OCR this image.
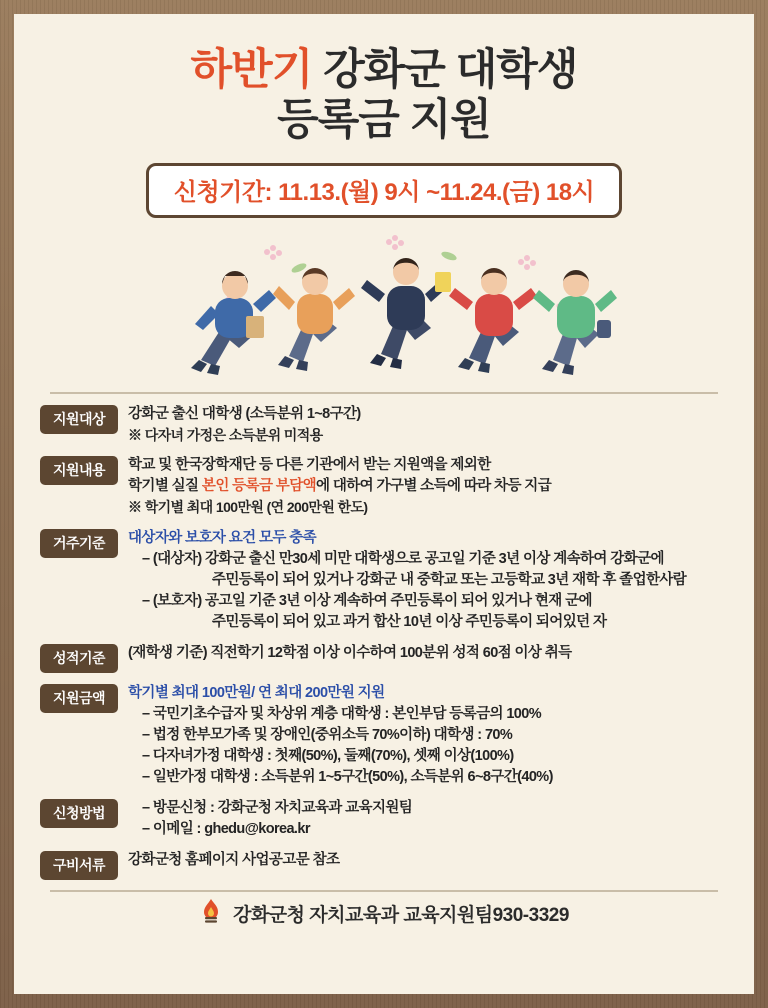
하반기 강화군 대학생
등록금 지원
신청기간: 11.13.(월) 9시 ~11.24.(금) 18시
지원대상	강화군 출신 대학생 (소득분위 1~8구간)
※ 다자녀 가정은 소득분위 미적용
지원내용	학교 및 한국장학재단 등 다른 기관에서 받는 지원액을 제외한
학기별 실질 본인 등록금 부담액에 대하여 가구별 소득에 따라 차등 지급
※ 학기별 최대 100만원 (연 200만원 한도)
거주기준	대상자와 보호자 요건 모두 충족
– (대상자) 강화군 출신 만30세 미만 대학생으로 공고일 기준 3년 이상 계속하여 강화군에
주민등록이 되어 있거나 강화군 내 중학교 또는 고등학교 3년 재학 후 졸업한사람
– (보호자) 공고일 기준 3년 이상 계속하여 주민등록이 되어 있거나 현재 군에
주민등록이 되어 있고 과거 합산 10년 이상 주민등록이 되어있던 자
성적기준	(재학생 기준) 직전학기 12학점 이상 이수하여 100분위 성적 60점 이상 취득
지원금액	학기별 최대 100만원/ 연 최대 200만원 지원
– 국민기초수급자 및 차상위 계층 대학생 : 본인부담 등록금의 100%
– 법정 한부모가족 및 장애인(중위소득 70%이하) 대학생 : 70%
– 다자녀가정 대학생 : 첫째(50%), 둘째(70%), 셋째 이상(100%)
– 일반가정 대학생 : 소득분위 1~5구간(50%), 소득분위 6~8구간(40%)
신청방법	– 방문신청 : 강화군청 자치교육과 교육지원팀
– 이메일 : ghedu@korea.kr
구비서류	강화군청 홈페이지 사업공고문 참조
강화군청 자치교육과 교육지원팀930-3329
